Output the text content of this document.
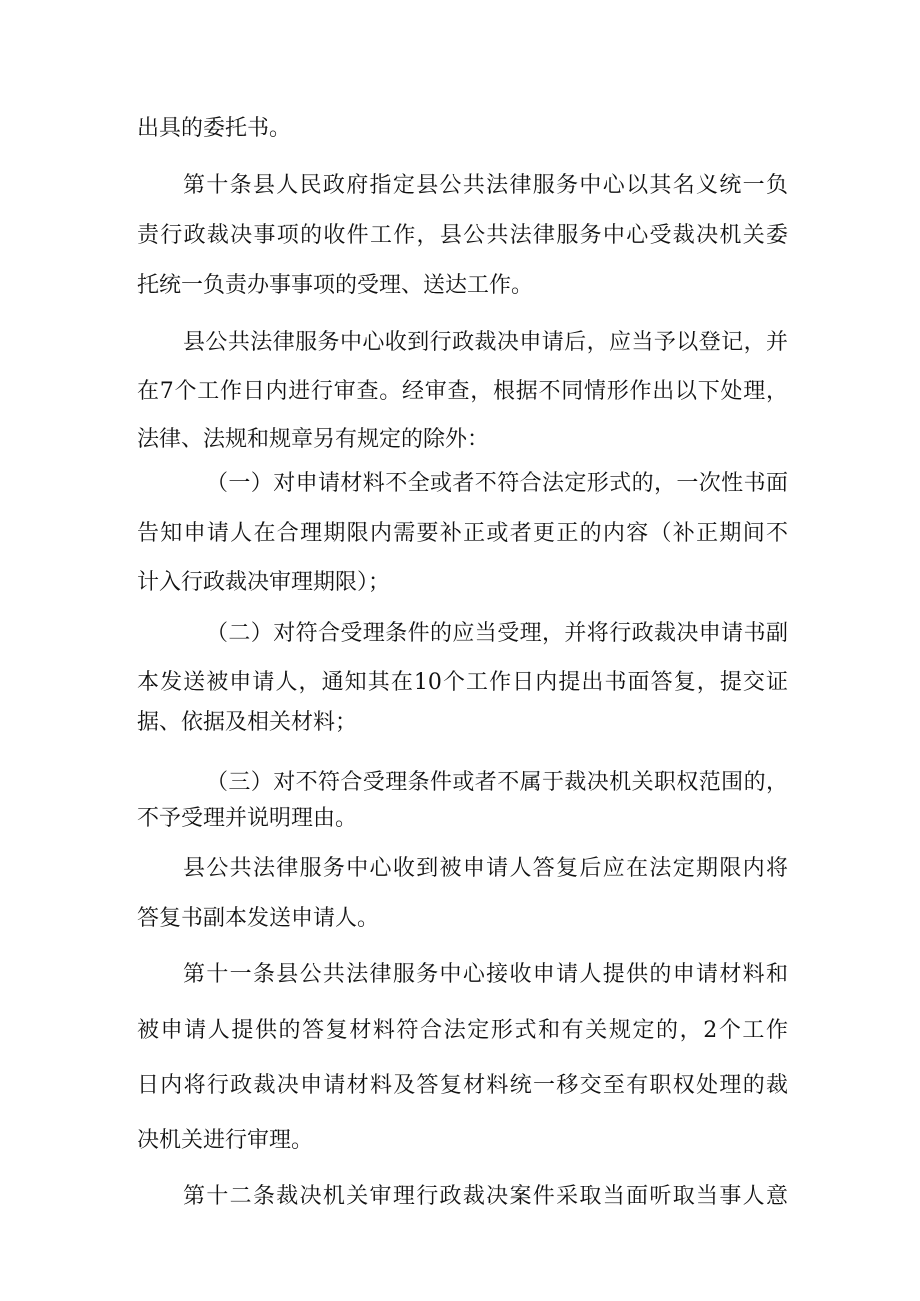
出具的委托书。
第十条县人民政府指定县公共法律服务中心以其名义统一负
责行政裁决事项的收件工作，县公共法律服务中心受裁决机关委
托统一负责办事事项的受理、送达工作。
县公共法律服务中心收到行政裁决申请后，应当予以登记，并
在7个工作日内进行审查。经审查，根据不同情形作出以下处理，
法律、法规和规章另有规定的除外：
（一）对申请材料不全或者不符合法定形式的，一次性书面
告知申请人在合理期限内需要补正或者更正的内容（补正期间不
计入行政裁决审理期限）；
（二）对符合受理条件的应当受理，并将行政裁决申请书副
本发送被申请人，通知其在10个工作日内提出书面答复，提交证
据、依据及相关材料；
（三）对不符合受理条件或者不属于裁决机关职权范围的，
不予受理并说明理由。
县公共法律服务中心收到被申请人答复后应在法定期限内将
答复书副本发送申请人。
第十一条县公共法律服务中心接收申请人提供的申请材料和
被申请人提供的答复材料符合法定形式和有关规定的，2个工作
日内将行政裁决申请材料及答复材料统一移交至有职权处理的裁
决机关进行审理。
第十二条裁决机关审理行政裁决案件采取当面听取当事人意
